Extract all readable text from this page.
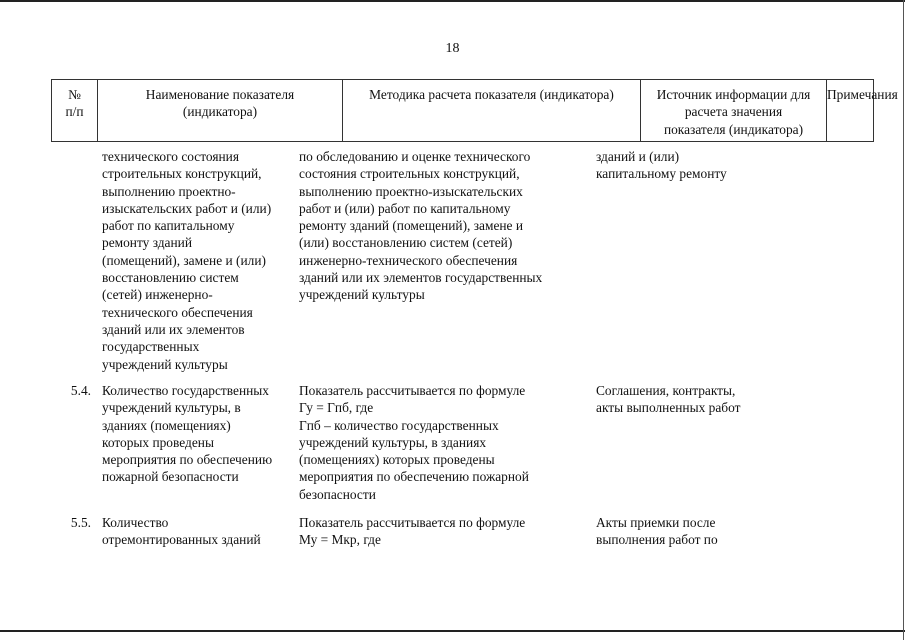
18
№
п/п
Наименование показателя
(индикатора)
Методика расчета показателя (индикатора)	Источник информации для
расчета значения
показателя (индикатора)
Примечания
технического состояния
строительных конструкций,
выполнению проектно-
изыскательских работ и (или)
работ по капитальному
ремонту зданий
(помещений), замене и (или)
восстановлению систем
(сетей) инженерно-
технического обеспечения
зданий или их элементов
государственных
учреждений культуры
по обследованию и оценке технического
состояния строительных конструкций,
выполнению проектно-изыскательских
работ и (или) работ по капитальному
ремонту зданий (помещений), замене и
(или) восстановлению систем (сетей)
инженерно-технического обеспечения
зданий или их элементов государственных
учреждений культуры
зданий и (или)
капитальному ремонту
5.4. Количество государственных
учреждений культуры, в
зданиях (помещениях)
которых проведены
мероприятия по обеспечению
пожарной безопасности
Показатель рассчитывается по формуле
Гу = Гпб, где
Гпб – количество государственных
учреждений культуры, в зданиях
(помещениях) которых проведены
мероприятия по обеспечению пожарной
безопасности
Соглашения, контракты,
акты выполненных работ
5.5. Количество
отремонтированных зданий
Показатель рассчитывается по формуле
Му = Мкр, где
Акты приемки после
выполнения работ по
